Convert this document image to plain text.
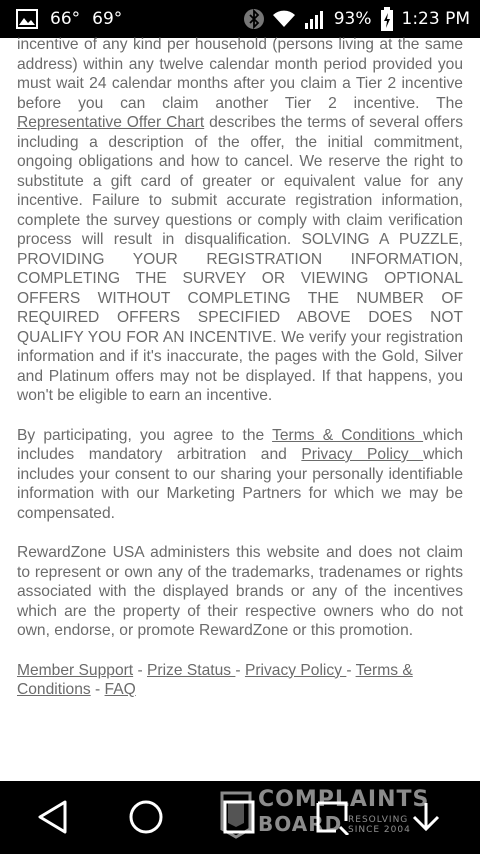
66° 69°	93% 1:23 PM

incentive of any kind per household (persons living at the same address) within any twelve calendar month period provided you must wait 24 calendar months after you claim a Tier 2 incentive before you can claim another Tier 2 incentive. The Representative Offer Chart describes the terms of several offers including a description of the offer, the initial commitment, ongoing obligations and how to cancel. We reserve the right to substitute a gift card of greater or equivalent value for any incentive. Failure to submit accurate registration information, complete the survey questions or comply with claim verification process will result in disqualification. SOLVING A PUZZLE, PROVIDING YOUR REGISTRATION INFORMATION, COMPLETING THE SURVEY OR VIEWING OPTIONAL OFFERS WITHOUT COMPLETING THE NUMBER OF REQUIRED OFFERS SPECIFIED ABOVE DOES NOT QUALIFY YOU FOR AN INCENTIVE. We verify your registration information and if it's inaccurate, the pages with the Gold, Silver and Platinum offers may not be displayed. If that happens, you won't be eligible to earn an incentive.

By participating, you agree to the Terms & Conditions which includes mandatory arbitration and Privacy Policy which includes your consent to our sharing your personally identifiable information with our Marketing Partners for which we may be compensated.

RewardZone USA administers this website and does not claim to represent or own any of the trademarks, tradenames or rights associated with the displayed brands or any of the incentives which are the property of their respective owners who do not own, endorse, or promote RewardZone or this promotion.

Member Support - Prize Status - Privacy Policy - Terms & Conditions - FAQ

COMPLAINTS
BOARD RESOLVING
SINCE 2004
